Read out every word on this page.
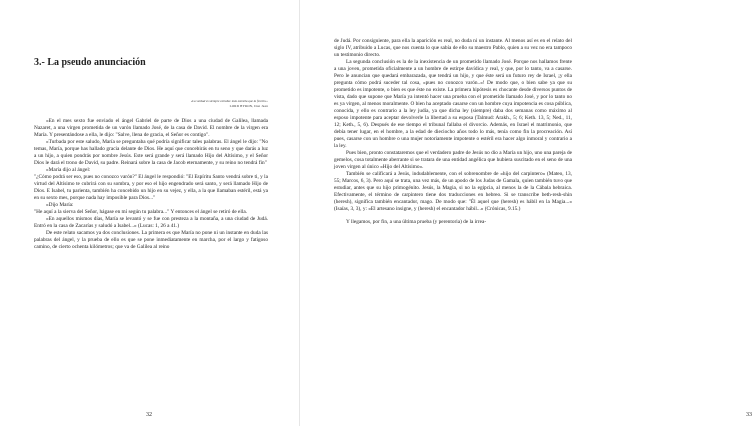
3.- La pseudo anunciación
«La verdad es siempre extraña: más extraña que la ficción.»
LORD BYRON, Don Juan

«En el mes sexto fue enviado el ángel Gabriel de parte de Dios a una ciudad de Galilea, llamada Nazaret, a una virgen prometida de un varón llamado José, de la casa de David. El nombre de la virgen era María. Y presentándose a ella, le dijo: "Salve, llena de gracia, el Señor es contigo".

»Turbada por este saludo, María se preguntaba qué podría significar tales palabras. El ángel le dijo: "No temas, María, porque has hallado gracia delante de Dios. He aquí que concebirás en tu seno y que darás a luz a un hijo, a quien pondrás por nombre Jesús. Este será grande y será llamado Hijo del Altísimo, y el Señor Dios le dará el trono de David, su padre. Reinará sobre la casa de Jacob eternamente, y su reino no tendrá fin"

»María dijo al ángel:

"¿Cómo podrá ser eso, pues no conozco varón?" El ángel le respondió: "El Espíritu Santo vendrá sobre ti, y la virtud del Altísimo te cubrirá con su sombra, y por eso el hijo engendrado será santo, y será llamado Hijo de Dios. E Isabel, tu parienta, también ha concebido un hijo en su vejez, y ella, a la que llamaban estéril, está ya en su sexto mes, porque nada hay imposible para Dios..."

»Dijo María:

"He aquí a la sierva del Señor, hágase en mí según tu palabra..." Y entonces el ángel se retiró de ella.

»En aquellos mismos días, María se levantó y se fue con presteza a la montaña, a una ciudad de Judá. Entró en la casa de Zacarías y saludó a Isabel...» (Lucas: 1, 26 a 41.)

De este relato sacamos ya dos conclusiones. La primera es que María no pone ni un instante en duda las palabras del ángel, y la prueba de ello es que se pone inmediatamente en marcha, por el largo y fatigoso camino, de cierto ochenta kilómetros; que va de Galilea al reino

32

de Judá. Por consiguiente, para ella la aparición es real, no duda ni un instante. Al menos así es en el relato del siglo IV, atribuido a Lucas, que nos cuenta lo que sabía de ello su maestro Pablo, quien a su vez no era tampoco un testimonio directo.

La segunda conclusión es la de la inexistencia de un prometido llamado José. Porque nos hallamos frente a una joven, prometida oficialmente a un hombre de estirpe davídica y real, y que, por lo tanto, va a casarse. Pero le anuncian que quedará embarazada, que tendrá un hijo, y que éste será un futuro rey de Israel, ¡y ella pregunta cómo podrá suceder tal cosa, «pues no conozco varón..»! De modo que, o bien sabe ya que su prometido es impotente, o bien es que éste no existe. La primera hipótesis es chocante desde diversos puntos de vista, dado que supone que María ya intentó hacer una prueba con el prometido llamado José, y por lo tanto no es ya virgen, al menos moralmente. O bien ha aceptado casarse con un hombre cuya impotencia es cosa pública, conocida, y ello es contrario a la ley judía, ya que dicha ley (siempre) daba dos semanas como máximo al esposo impotente para aceptar devolverle la libertad a su esposa (Talmud: Arakh., 5; 6; Keth. 13, 5; Ned., 11, 12; Keth., 5, 6). Después de ese tiempo el tribunal fallaba el divorcio. Además, en Israel el matrimonio, que debía tener lugar, en el hombre, a la edad de dieciocho años todo lo más, tenía como fin la procreación. Así pues, casarse con un hombre o una mujer notoriamente impotente o estéril era hacer algo inmoral y contrario a la ley.

Pues bien, pronto constataremos que el verdadero padre de Jesús no dio a María un hijo, uno una pareja de gemelos, cosa totalmente aberrante si se tratara de una entidad angélica que hubiera suscitado en el seno de una joven virgen al único «Hijo del Altísimo».

También se calificará a Jesús, indudablemente, con el sobrenombre de «hijo del carpintero» (Mateo, 13, 55; Marcos, 6, 3). Pero aquí se trata, una vez más, de un apodo de los Judas de Gamala, quien también tuvo que estudiar, antes que su hijo primogénito. Jesús, la Magia, si no la egipcia, al menos la de la Cábala hebraica. Efectivamente, el término de carpintero tiene dos traducciones en hebreo. Si se transcribe beth-resh-shin (heresh), significa también encantador, mago. De modo que: "Él aquel que (heresh) es hábil en la Magia...» (Isaías, 3, 3), y: «El artesano insigne, y (heresh) el encantador hábil...» (Crónicas, 9.15.)

Y llegamos, por fin, a una última prueba (y perentoria) de la irrea-

33
